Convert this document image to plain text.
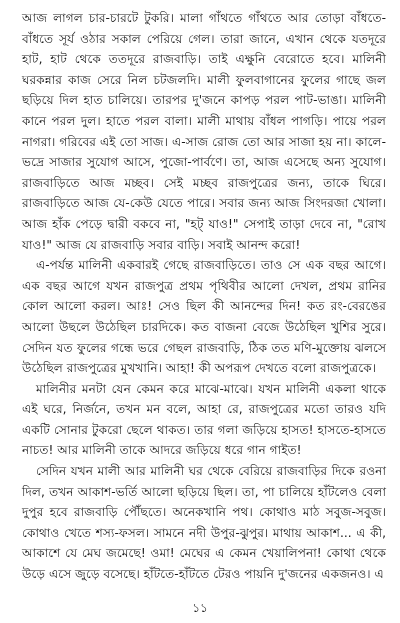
আজ লাগল চার-চারটে টুকরি। মালা গাঁথতে গাঁথতে আর তোড়া বাঁধতে-বাঁধতে সূর্য ওঠার সকাল পেরিয়ে গেল। তারা জানে, এখান থেকে যতদূরে হাট, হাট থেকে ততদূরে রাজবাড়ি। তাই এক্ষুনি বেরোতে হবে। মালিনী ঘরকন্নার কাজ সেরে নিল চটজলদি। মালী ফুলবাগানের ফুলের গাছে জল ছড়িয়ে দিল হাত চালিয়ে। তারপর দু'জনে কাপড় পরল পাট-ভাঙা। মালিনী কানে পরল দুল। হাতে পরল বালা। মালী মাথায় বাঁধল পাগড়ি। পায়ে পরল নাগরা। গরিবের এই তো সাজ। এ-সাজ রোজ তো আর সাজা হয় না। কালে-ভদ্রে সাজার সুযোগ আসে, পুজো-পার্বণে। তা, আজ এসেছে অন্য সুযোগ। রাজবাড়িতে আজ মচ্ছব। সেই মচ্ছব রাজপুত্রের জন্য, তাকে ঘিরে। রাজবাড়িতে আজ যে-কেউ যেতে পারে। সবার জন্য আজ সিংদরজা খোলা। আজ হাঁক পেড়ে দ্বারী বকবে না, "হট্ যাও!" সেপাই তাড়া দেবে না, "রোখ যাও!" আজ যে রাজবাড়ি সবার বাড়ি। সবাই আনন্দ করো!

এ-পর্যন্ত মালিনী একবারই গেছে রাজবাড়িতে। তাও সে এক বছর আগে। এক বছর আগে যখন রাজপুত্র প্রথম পৃথিবীর আলো দেখল, প্রথম রানির কোল আলো করল। আঃ! সেও ছিল কী আনন্দের দিন! কত রং-বেরঙের আলো উছলে উঠেছিল চারদিকে। কত বাজনা বেজে উঠেছিল খুশির সুরে। সেদিন যত ফুলের গন্ধে ভরে গেছল রাজবাড়ি, ঠিক তত মণি-মুক্তোয় ঝলসে উঠেছিল রাজপুত্রের মুখখানি। আহা! কী অপরূপ দেখতে বলো রাজপুত্রকে।

মালিনীর মনটা যেন কেমন করে মাঝে-মাঝে। যখন মালিনী একলা থাকে এই ঘরে, নির্জনে, তখন মন বলে, আহা রে, রাজপুত্রের মতো তারও যদি একটি সোনার টুকরো ছেলে থাকত। তার গলা জড়িয়ে হাসত! হাসতে-হাসতে নাচত! আর মালিনী তাকে আদরে জড়িয়ে ধরে গান গাইত!

সেদিন যখন মালী আর মালিনী ঘর থেকে বেরিয়ে রাজবাড়ির দিকে রওনা দিল, তখন আকাশ-ভর্তি আলো ছড়িয়ে ছিল। তা, পা চালিয়ে হাঁটলেও বেলা দুপুর হবে রাজবাড়ি পৌঁছতে। অনেকখানি পথ। কোথাও মাঠ সবুজ-সবুজ। কোথাও খেতে শস্য-ফসল। সামনে নদী উপুর-ঝুপুর। মাথায় আকাশ... এ কী, আকাশে যে মেঘ জমেছে! ওমা! মেঘের এ কেমন খেয়ালিপনা! কোথা থেকে উড়ে এসে জুড়ে বসেছে। হাঁটতে-হাঁটতে টেরও পায়নি দু'জনের একজনও। এ

১১
